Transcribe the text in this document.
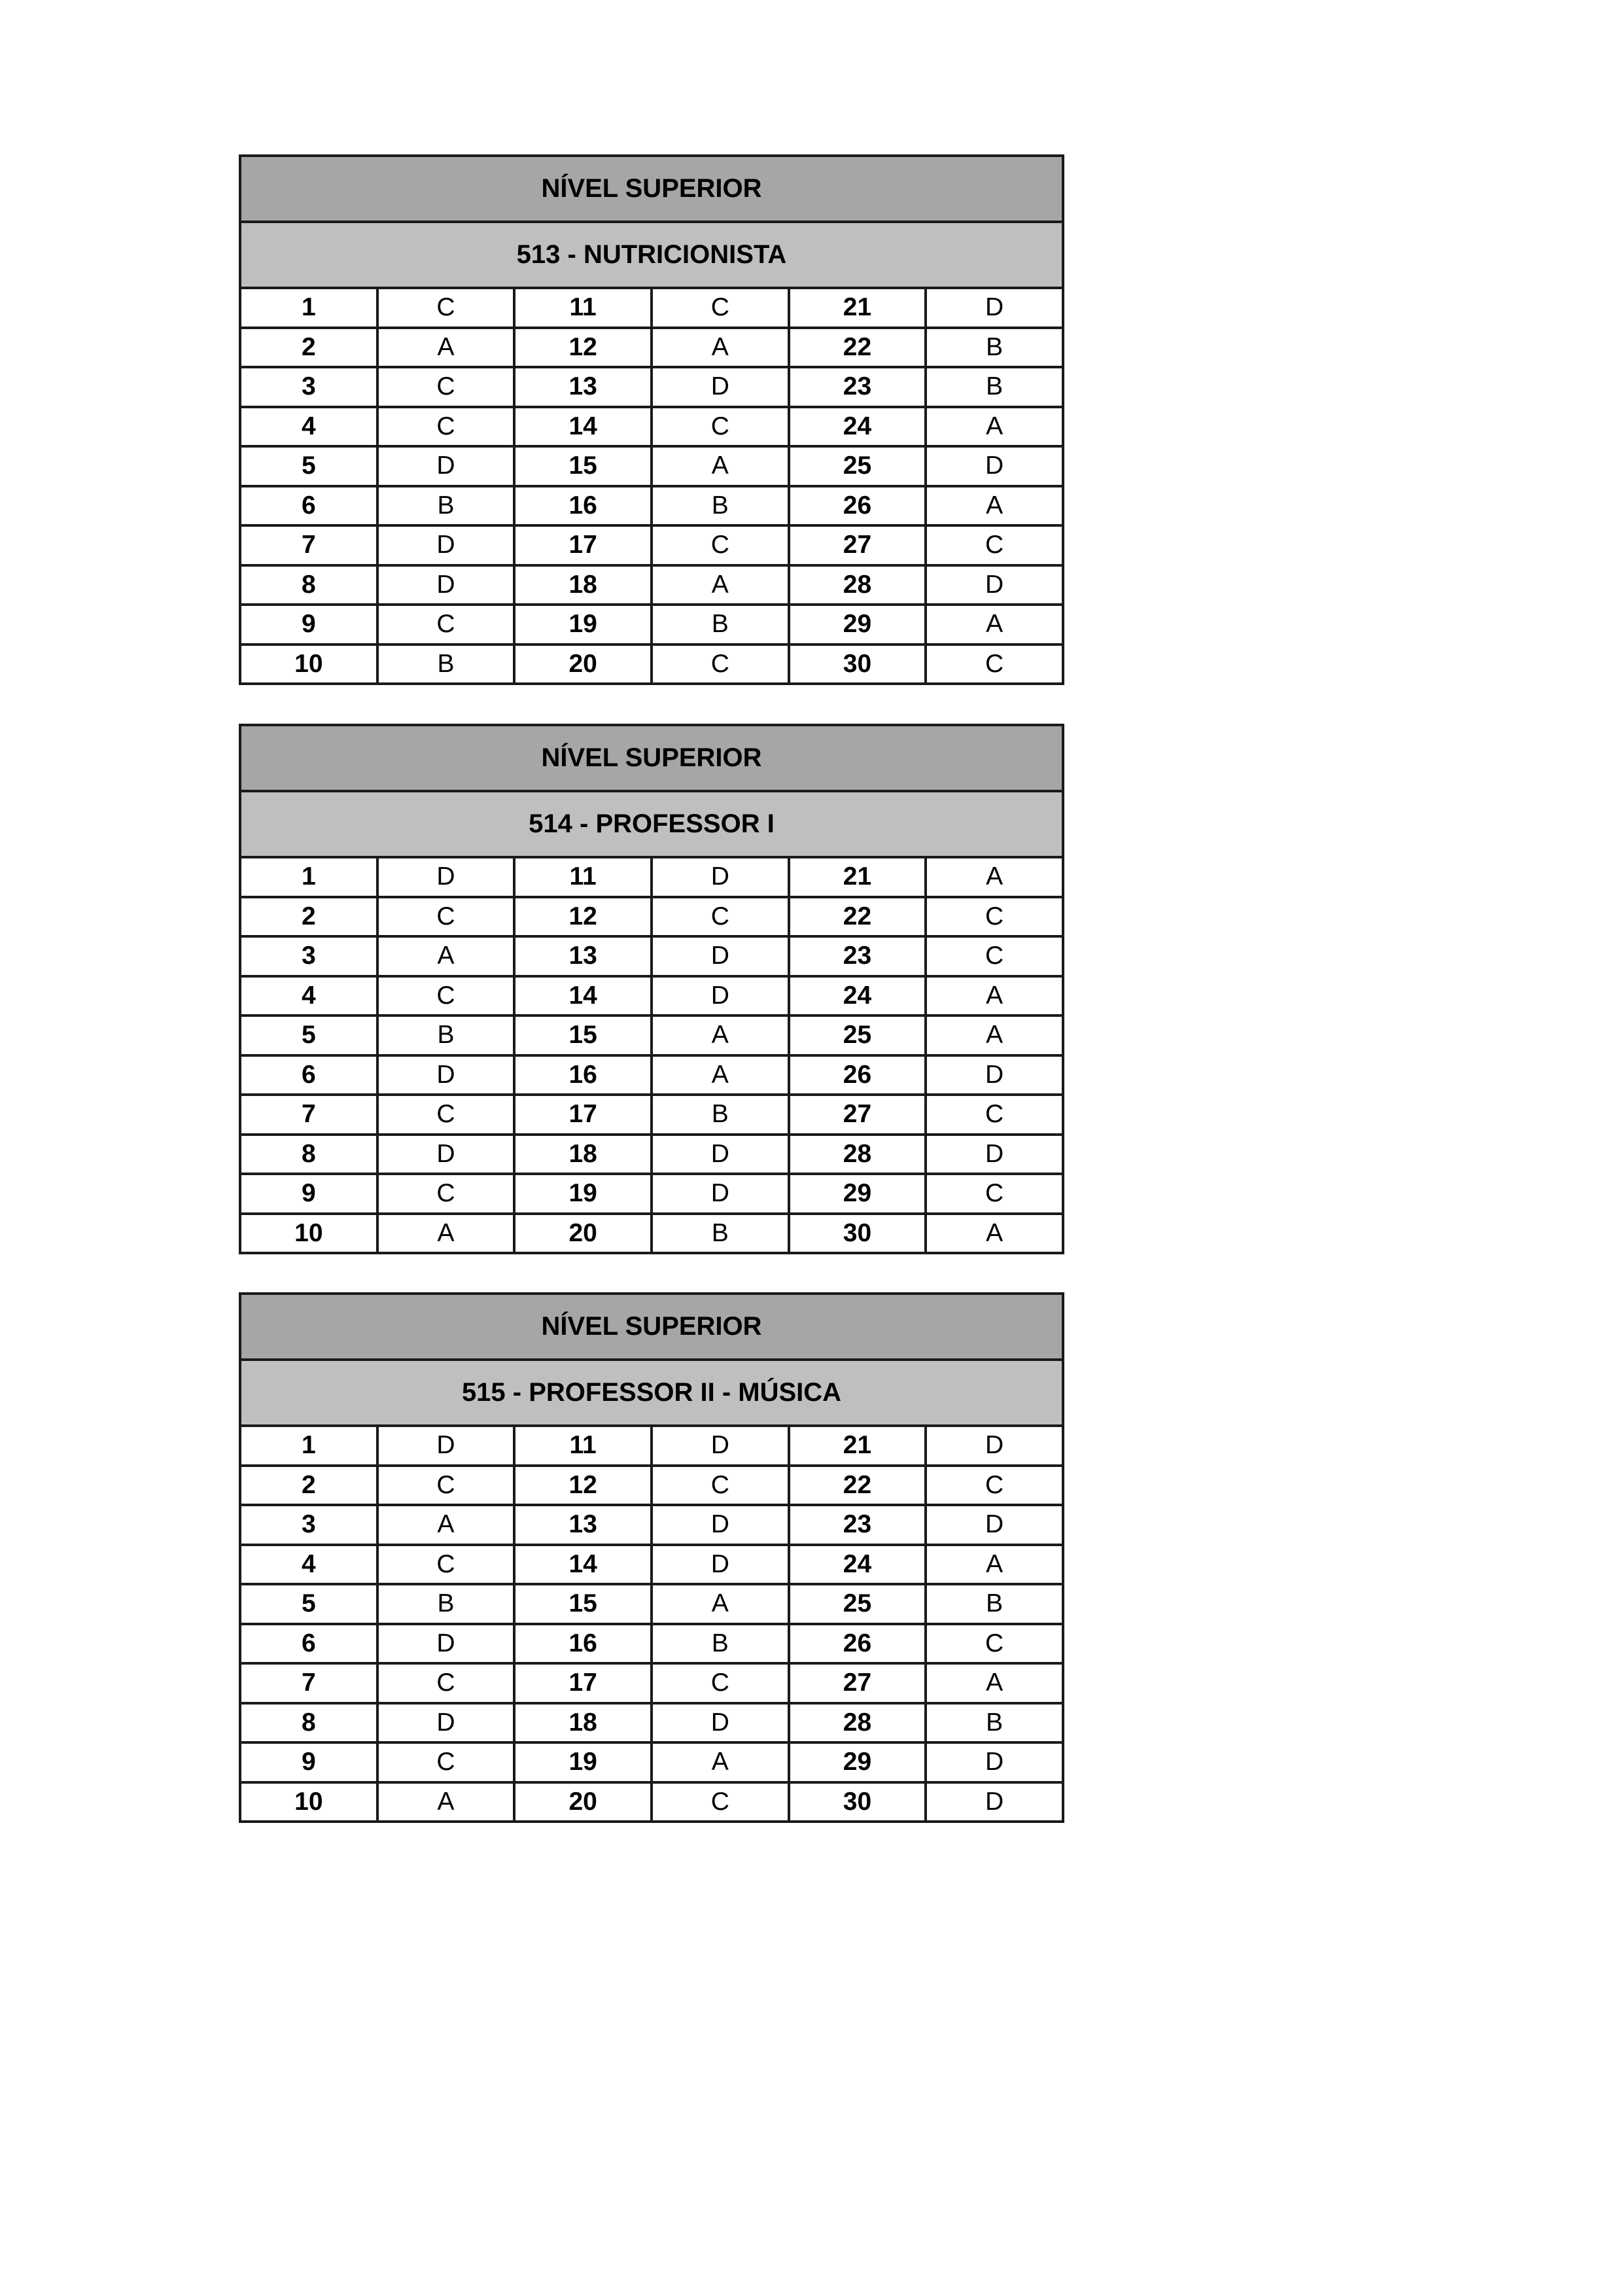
NÍVEL SUPERIOR					
513 - NUTRICIONISTA					
1	C	11	C	21	D
2	A	12	A	22	B
3	C	13	D	23	B
4	C	14	C	24	A
5	D	15	A	25	D
6	B	16	B	26	A
7	D	17	C	27	C
8	D	18	A	28	D
9	C	19	B	29	A
10	B	20	C	30	C
NÍVEL SUPERIOR					
514 - PROFESSOR I					
1	D	11	D	21	A
2	C	12	C	22	C
3	A	13	D	23	C
4	C	14	D	24	A
5	B	15	A	25	A
6	D	16	A	26	D
7	C	17	B	27	C
8	D	18	D	28	D
9	C	19	D	29	C
10	A	20	B	30	A
NÍVEL SUPERIOR					
515 - PROFESSOR II - MÚSICA					
1	D	11	D	21	D
2	C	12	C	22	C
3	A	13	D	23	D
4	C	14	D	24	A
5	B	15	A	25	B
6	D	16	B	26	C
7	C	17	C	27	A
8	D	18	D	28	B
9	C	19	A	29	D
10	A	20	C	30	D
